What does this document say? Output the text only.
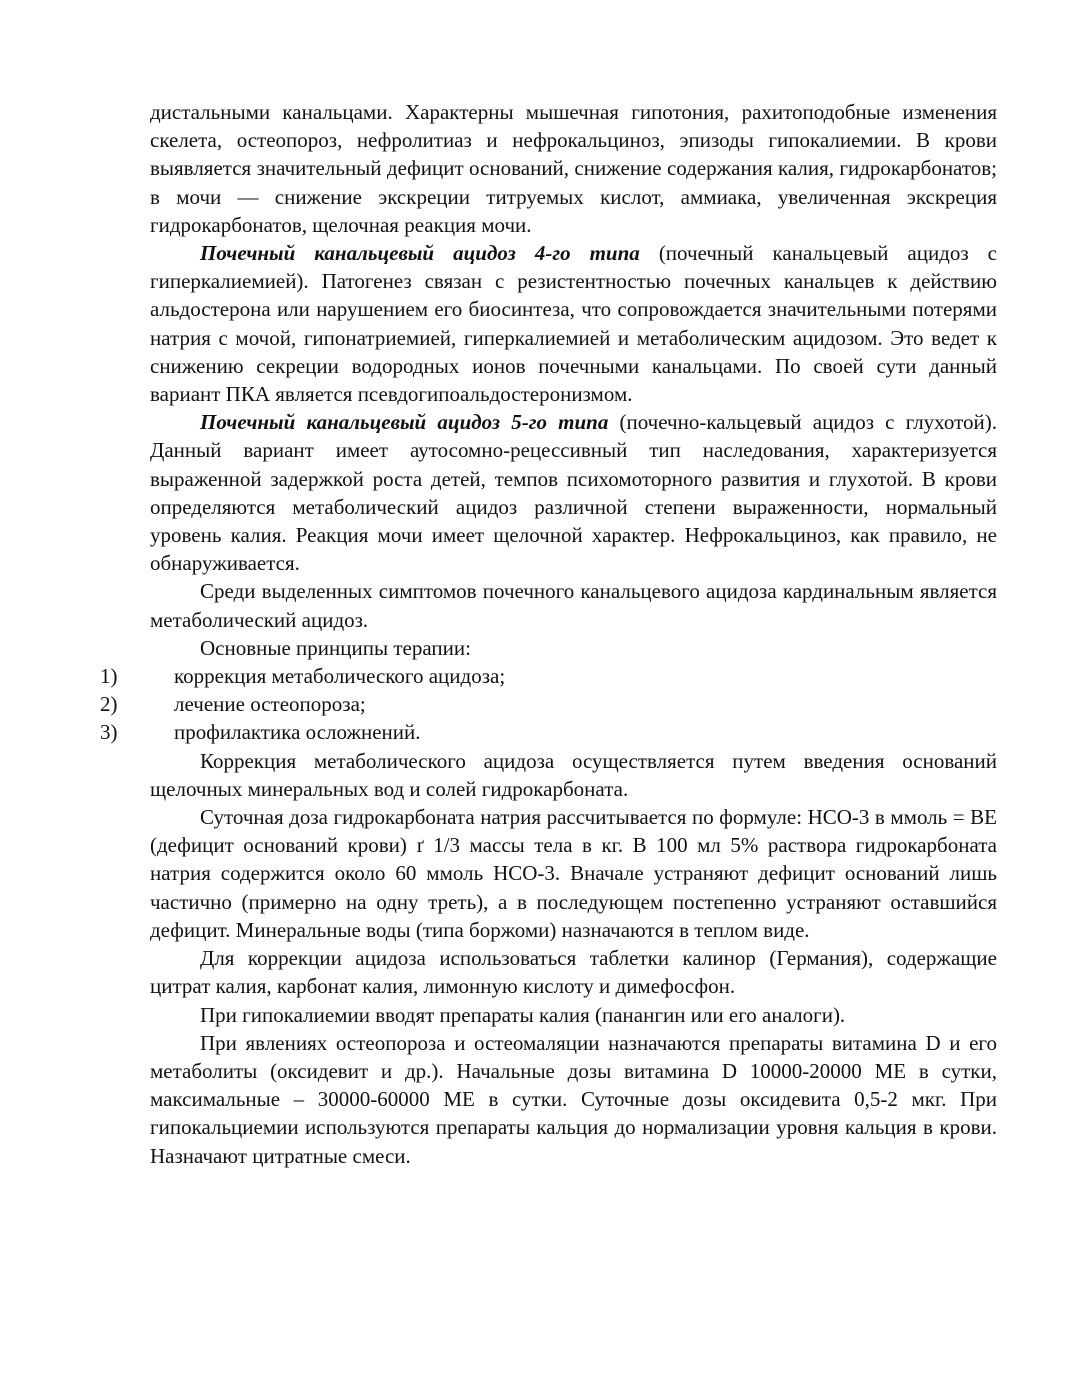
дистальными канальцами. Характерны мышечная гипотония, рахитоподобные изменения скелета, остеопороз, нефролитиаз и нефрокальциноз, эпизоды гипокалиемии. В крови выявляется значительный дефицит оснований, снижение содержания калия, гидрокарбонатов; в мочи — снижение экскреции титруемых кислот, аммиака, увеличенная экскреция гидрокарбонатов, щелочная реакция мочи.

Почечный канальцевый ацидоз 4-го типа (почечный канальцевый ацидоз с гиперкалиемией). Патогенез связан с резистентностью почечных канальцев к действию альдостерона или нарушением его биосинтеза, что сопровождается значительными потерями натрия с мочой, гипонатриемией, гиперкалиемией и метаболическим ацидозом. Это ведет к снижению секреции водородных ионов почечными канальцами. По своей сути данный вариант ПКА является псевдогипоальдостеронизмом.

Почечный канальцевый ацидоз 5-го типа (почечно-кальцевый ацидоз с глухотой). Данный вариант имеет аутосомно-рецессивный тип наследования, характеризуется выраженной задержкой роста детей, темпов психомоторного развития и глухотой. В крови определяются метаболический ацидоз различной степени выраженности, нормальный уровень калия. Реакция мочи имеет щелочной характер. Нефрокальциноз, как правило, не обнаруживается.

Среди выделенных симптомов почечного канальцевого ацидоза кардинальным является метаболический ацидоз.

Основные принципы терапии:

1)	коррекция метаболического ацидоза;
2)	лечение остеопороза;
3)	профилактика осложнений.

Коррекция метаболического ацидоза осуществляется путем введения оснований щелочных минеральных вод и солей гидрокарбоната.

Суточная доза гидрокарбоната натрия рассчитывается по формуле: НСО-3 в ммоль = ВЕ (дефицит оснований крови) ґ 1/3 массы тела в кг. В 100 мл 5% раствора гидрокарбоната натрия содержится около 60 ммоль НСО-3. Вначале устраняют дефицит оснований лишь частично (примерно на одну треть), а в последующем постепенно устраняют оставшийся дефицит. Минеральные воды (типа боржоми) назначаются в теплом виде.

Для коррекции ацидоза использоваться таблетки калинор (Германия), содержащие цитрат калия, карбонат калия, лимонную кислоту и димефосфон.

При гипокалиемии вводят препараты калия (панангин или его аналоги).

При явлениях остеопороза и остеомаляции назначаются препараты витамина D и его метаболиты (оксидевит и др.). Начальные дозы витамина D 10000-20000 МЕ в сутки, максимальные – 30000-60000 МЕ в сутки. Суточные дозы оксидевита 0,5-2 мкг. При гипокальциемии используются препараты кальция до нормализации уровня кальция в крови. Назначают цитратные смеси.
